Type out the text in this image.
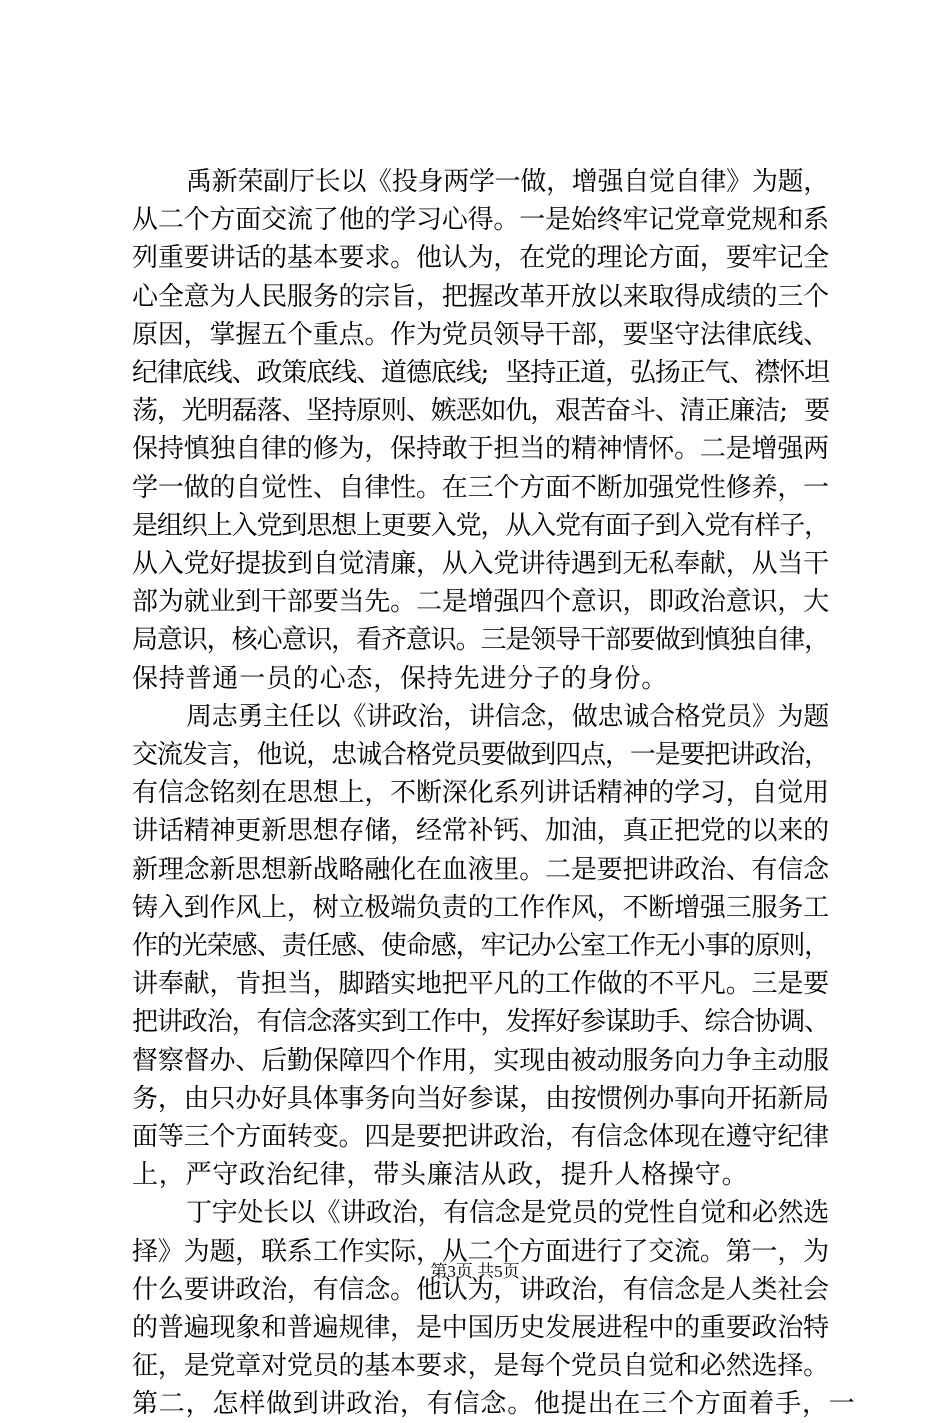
禹 新 荣 副 厅 长 以 《 投 身 两 学 一 做 ， 增 强 自 觉 自 律 》 为 题 ，
从 二 个 方 面 交 流 了 他 的 学 习 心 得 。 一 是 始 终 牢 记 党 章 党 规 和 系
列 重 要 讲 话 的 基 本 要 求 。 他 认 为 ， 在 党 的 理 论 方 面 ， 要 牢 记 全
心 全 意 为 人 民 服 务 的 宗 旨 ， 把 握 改 革 开 放 以 来 取 得 成 绩 的 三 个
原 因 ， 掌 握 五 个 重 点 。 作 为 党 员 领 导 干 部 ， 要 坚 守 法 律 底 线 、
纪
律
底
线
、
政
策
底
线
、
道
德
底
线
; 坚
持
正
道
，
弘
扬
正
气
、
襟
怀
坦
荡
，
光
明
磊
落
、
坚
持
原
则
、
嫉
恶
如
仇
，
艰
苦
奋
斗
、
清
正
廉
洁
; 要
保 持 慎 独 自 律 的 修 为 ， 保 持 敢 于 担 当 的 精 神 情 怀 。 二 是 增 强 两
学 一 做 的 自 觉 性 、 自 律 性 。 在 三 个 方 面 不 断 加 强 党 性 修 养 ， 一
是
组
织
上
入
党
到
思
想
上
更
要
入
党
，
从
入
党
有
面
子
到
入
党
有
样
子
，
从 入 党 好 提 拔 到 自 觉 清 廉 ， 从 入 党 讲 待 遇 到 无 私 奉 献 ， 从 当 干
部 为 就 业 到 干 部 要 当 先 。 二 是 增 强 四 个 意 识 ， 即 政 治 意 识 ， 大
局
意
识
，
核
心
意
识
，
看
齐
意
识
。
三
是
领
导
干
部
要
做
到
慎
独
自
律
，
保 持 普 通 一 员 的 心 态 ， 保 持 先 进 分 子 的 身 份 。
周 志 勇 主 任 以 《 讲 政 治 ， 讲 信 念 ， 做 忠 诚 合 格 党 员 》 为 题
交
流
发
言
，
他
说
，
忠
诚
合
格
党
员
要
做
到
四
点
，
一
是
要
把
讲
政
治
，
有 信 念 铭 刻 在 思 想 上 ， 不 断 深 化 系 列 讲 话 精 神 的 学 习 ， 自 觉 用
讲 话 精 神 更 新 思 想 存 储 ， 经 常 补 钙 、 加 油 ， 真 正 把 党 的 以 来 的
新 理 念 新 思 想 新 战 略 融 化 在 血 液 里 。 二 是 要 把 讲 政 治 、 有 信 念
铸 入 到 作 风 上 ， 树 立 极 端 负 责 的 工 作 作 风 ， 不 断 增 强 三 服 务 工
作
的
光
荣
感
、
责
任
感
、
使
命
感
，
牢
记
办
公
室
工
作
无
小
事
的
原
则
，
讲 奉 献 ， 肯 担 当 ， 脚 踏 实 地 把 平 凡 的 工 作 做 的 不 平 凡 。 三 是 要
把
讲
政
治
，
有
信
念
落
实
到
工
作
中
，
发
挥
好
参
谋
助
手
、
综
合
协
调
、
督 察 督 办 、 后 勤 保 障 四 个 作 用 ， 实 现 由 被 动 服 务 向 力 争 主 动 服
务 ， 由 只 办 好 具 体 事 务 向 当 好 参 谋 ， 由 按 惯 例 办 事 向 开 拓 新 局
面 等 三 个 方 面 转 变 。 四 是 要 把 讲 政 治 ， 有 信 念 体 现 在 遵 守 纪 律
上 ， 严 守 政 治 纪 律 ， 带 头 廉 洁 从 政 ， 提 升 人 格 操 守 。
丁 宇 处 长 以 《 讲 政 治 ， 有 信 念 是 党 员 的 党 性 自 觉 和 必 然 选
择 》 为 题 ， 联 系 工 作 实 际 ， 从 二 个 方 面 进 行 了 交 流 。 第 一 ， 为
什 么 要 讲 政 治 ， 有 信 念 。 他 认 为 ， 讲 政 治 ， 有 信 念 是 人 类 社 会
的 普 遍 现 象 和 普 遍 规 律 ， 是 中 国 历 史 发 展 进 程 中 的 重 要 政 治 特
征 ， 是 党 章 对 党 员 的 基 本 要 求 ， 是 每 个 党 员 自 觉 和 必 然 选 择 。
第 二 ， 怎 样 做 到 讲 政 治 ， 有 信 念 。 他 提 出 在 三 个 方 面 着 手 ， 一
第3页 共5页
